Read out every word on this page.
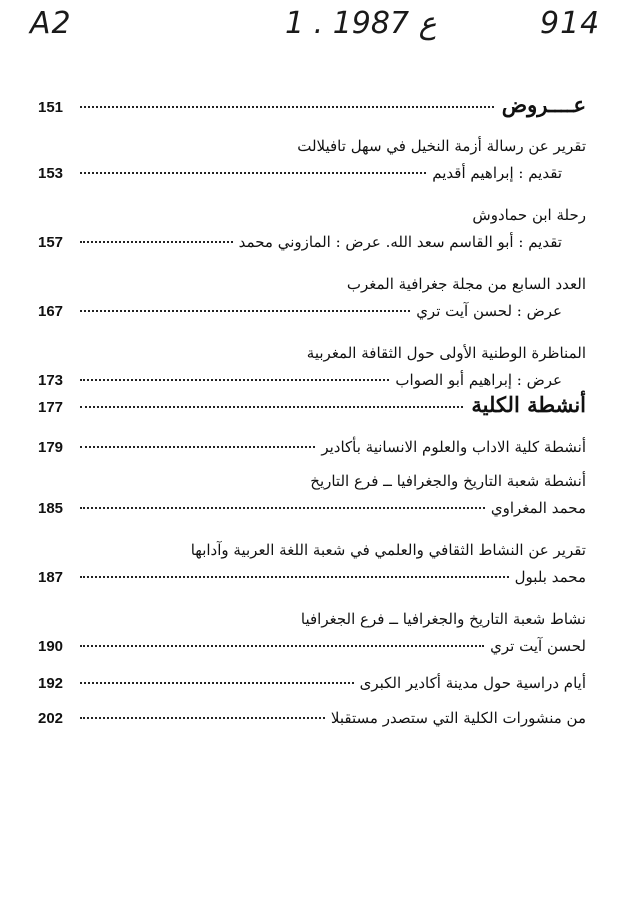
A2	1 . ع 1987	914
عــــروض
151
تقرير عن رسالة أزمة النخيل في سهل تافيلالت
تقديم : إبراهيم أقديم
153
رحلة ابن حمادوش
تقديم : أبو القاسم سعد الله. عرض : المازوني محمد
157
العدد السابع من مجلة جغرافية المغرب
عرض : لحسن آيت تري
167
المناظرة الوطنية الأولى حول الثقافة المغربية
عرض : إبراهيم أبو الصواب
173
أنشطة الكلية
177
أنشطة كلية الاداب والعلوم الانسانية بأكادير
179
أنشطة شعبة التاريخ والجغرافيا ــ فرع التاريخ
محمد المغراوي
185
تقرير عن النشاط الثقافي والعلمي في شعبة اللغة العربية وآدابها
محمد بلبول
187
نشاط شعبة التاريخ والجغرافيا ــ فرع الجغرافيا
لحسن آيت تري
190
أيام دراسية حول مدينة أكادير الكبرى
192
من منشورات الكلية التي ستصدر مستقبلا
202
